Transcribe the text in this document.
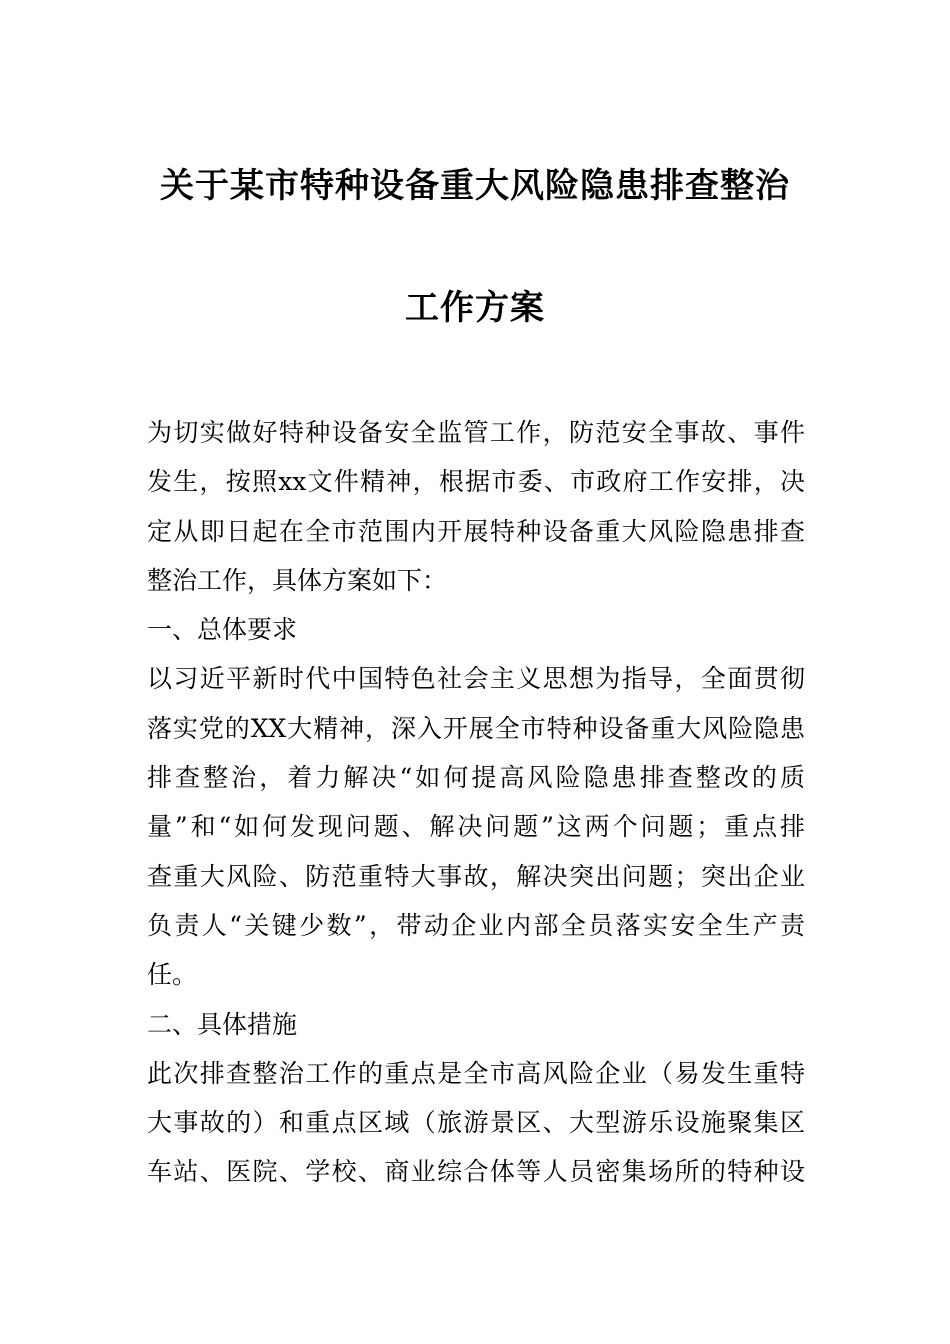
关于某市特种设备重大风险隐患排查整治
工作方案
为切实做好特种设备安全监管工作，防范安全事故、事件
发生，按照xx文件精神，根据市委、市政府工作安排，决
定从即日起在全市范围内开展特种设备重大风险隐患排查
整治工作，具体方案如下：
一、总体要求
以习近平新时代中国特色社会主义思想为指导，全面贯彻
落实党的XX大精神，深入开展全市特种设备重大风险隐患
排查整治，着力解决“如何提高风险隐患排查整改的质
量”和“如何发现问题、解决问题”这两个问题；重点排
查重大风险、防范重特大事故，解决突出问题；突出企业
负责人“关键少数”，带动企业内部全员落实安全生产责
任。
二、具体措施
此次排查整治工作的重点是全市高风险企业（易发生重特
大事故的）和重点区域（旅游景区、大型游乐设施聚集区
车站、医院、学校、商业综合体等人员密集场所的特种设
